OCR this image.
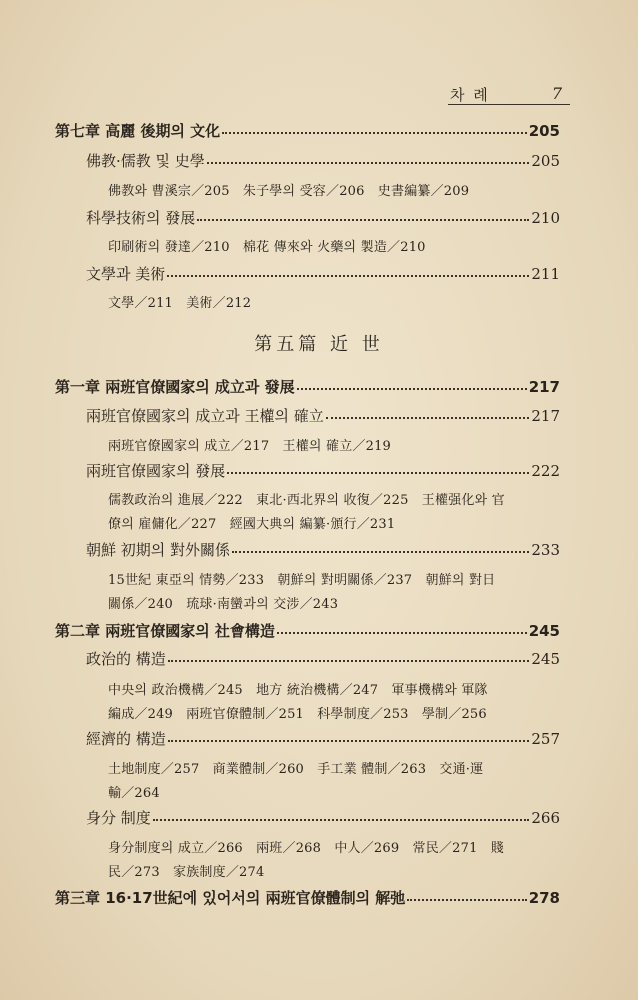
차 례	7
第七章 高麗 後期의 文化	205
佛教·儒教 및 史學	205
佛教와 曹溪宗／205　朱子學의 受容／206　史書編纂／209
科學技術의 發展	210
印刷術의 發達／210　棉花 傳來와 火藥의 製造／210
文學과 美術	211
文學／211　美術／212
第五篇 近 世
第一章 兩班官僚國家의 成立과 發展	217
兩班官僚國家의 成立과 王權의 確立	217
兩班官僚國家의 成立／217　王權의 確立／219
兩班官僚國家의 發展	222
儒教政治의 進展／222　東北·西北界의 收復／225　王權强化와 官
僚의 雇傭化／227　經國大典의 編纂·頒行／231
朝鮮 初期의 對外關係	233
15世紀 東亞의 情勢／233　朝鮮의 對明關係／237　朝鮮의 對日
關係／240　琉球·南蠻과의 交涉／243
第二章 兩班官僚國家의 社會構造	245
政治的 構造	245
中央의 政治機構／245　地方 統治機構／247　軍事機構와 軍隊
編成／249　兩班官僚體制／251　科學制度／253　學制／256
經濟的 構造	257
土地制度／257　商業體制／260　手工業 體制／263　交通·運
輸／264
身分 制度	266
身分制度의 成立／266　兩班／268　中人／269　常民／271　賤
民／273　家族制度／274
第三章 16·17世紀에 있어서의 兩班官僚體制의 解弛	278
